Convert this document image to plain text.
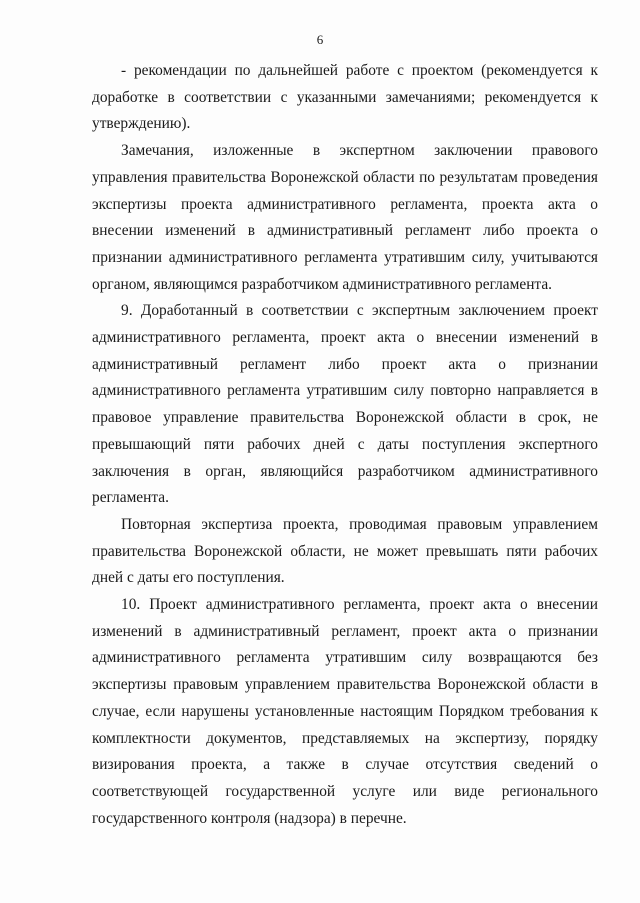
6

- рекомендации по дальнейшей работе с проектом (рекомендуется к доработке в соответствии с указанными замечаниями; рекомендуется к утверждению).

Замечания, изложенные в экспертном заключении правового управления правительства Воронежской области по результатам проведения экспертизы проекта административного регламента, проекта акта о внесении изменений в административный регламент либо проекта о признании административного регламента утратившим силу, учитываются органом, являющимся разработчиком административного регламента.

9. Доработанный в соответствии с экспертным заключением проект административного регламента, проект акта о внесении изменений в административный регламент либо проект акта о признании административного регламента утратившим силу повторно направляется в правовое управление правительства Воронежской области в срок, не превышающий пяти рабочих дней с даты поступления экспертного заключения в орган, являющийся разработчиком административного регламента.

Повторная экспертиза проекта, проводимая правовым управлением правительства Воронежской области, не может превышать пяти рабочих дней с даты его поступления.

10. Проект административного регламента, проект акта о внесении изменений в административный регламент, проект акта о признании административного регламента утратившим силу возвращаются без экспертизы правовым управлением правительства Воронежской области в случае, если нарушены установленные настоящим Порядком требования к комплектности документов, представляемых на экспертизу, порядку визирования проекта, а также в случае отсутствия сведений о соответствующей государственной услуге или виде регионального государственного контроля (надзора) в перечне.
